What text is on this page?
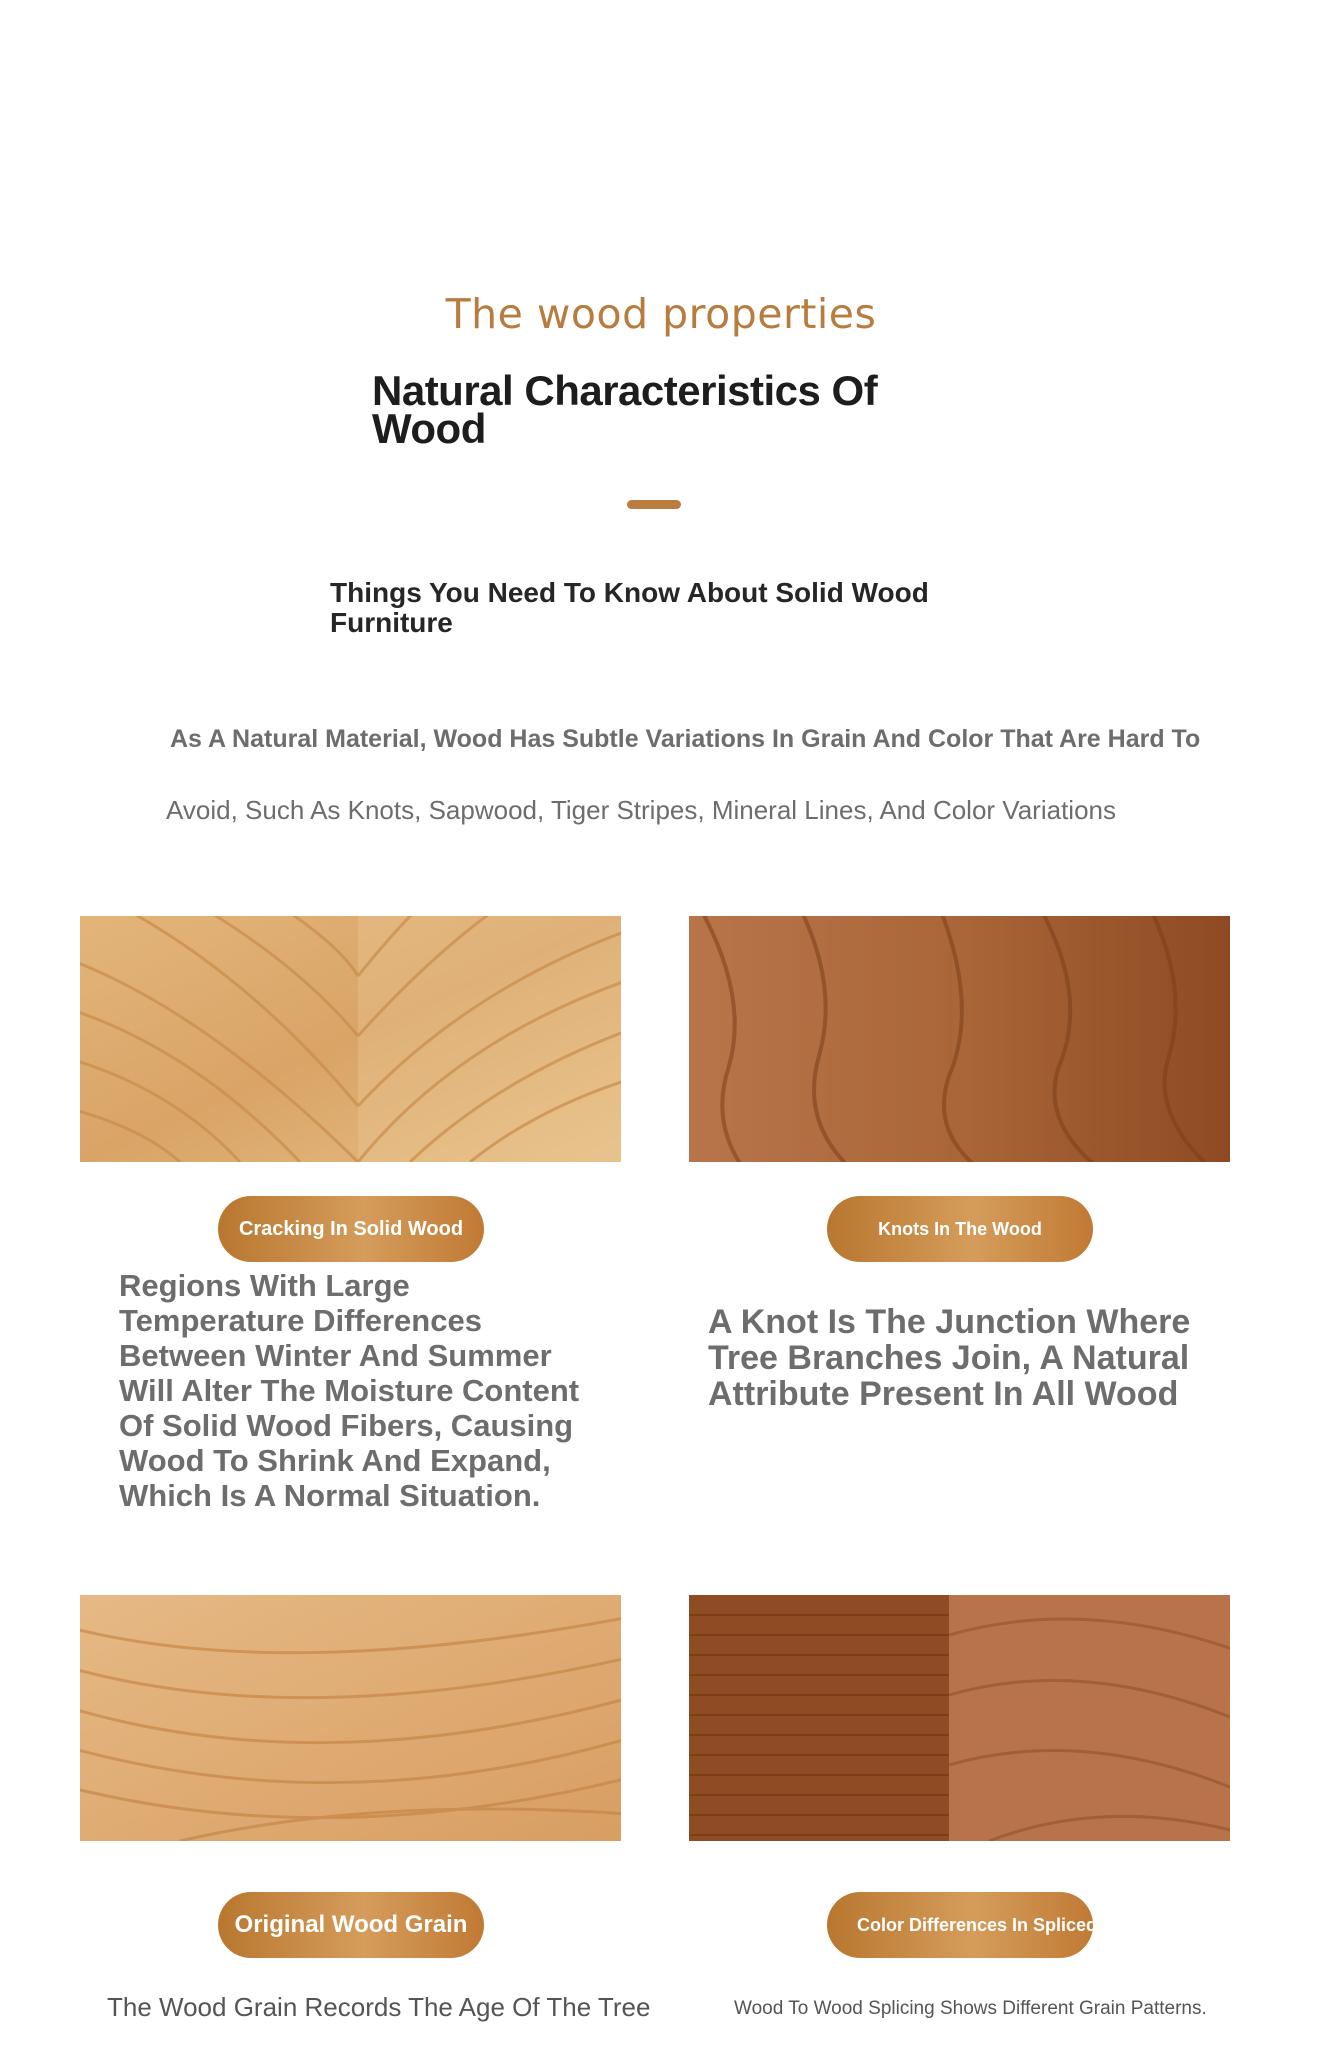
The wood properties
Natural Characteristics Of Wood
Things You Need To Know About Solid Wood Furniture
As A Natural Material, Wood Has Subtle Variations In Grain And Color That Are Hard To
Avoid, Such As Knots, Sapwood, Tiger Stripes, Mineral Lines, And Color Variations
Cracking In Solid Wood	Knots In The Wood
Regions With Large Temperature Differences Between Winter And Summer Will Alter The Moisture Content Of Solid Wood Fibers, Causing Wood To Shrink And Expand, Which Is A Normal Situation.
A Knot Is The Junction Where Tree Branches Join, A Natural Attribute Present In All Wood
Original Wood Grain	Color Differences In Spliced Wood
The Wood Grain Records The Age Of The Tree	Wood To Wood Splicing Shows Different Grain Patterns.
